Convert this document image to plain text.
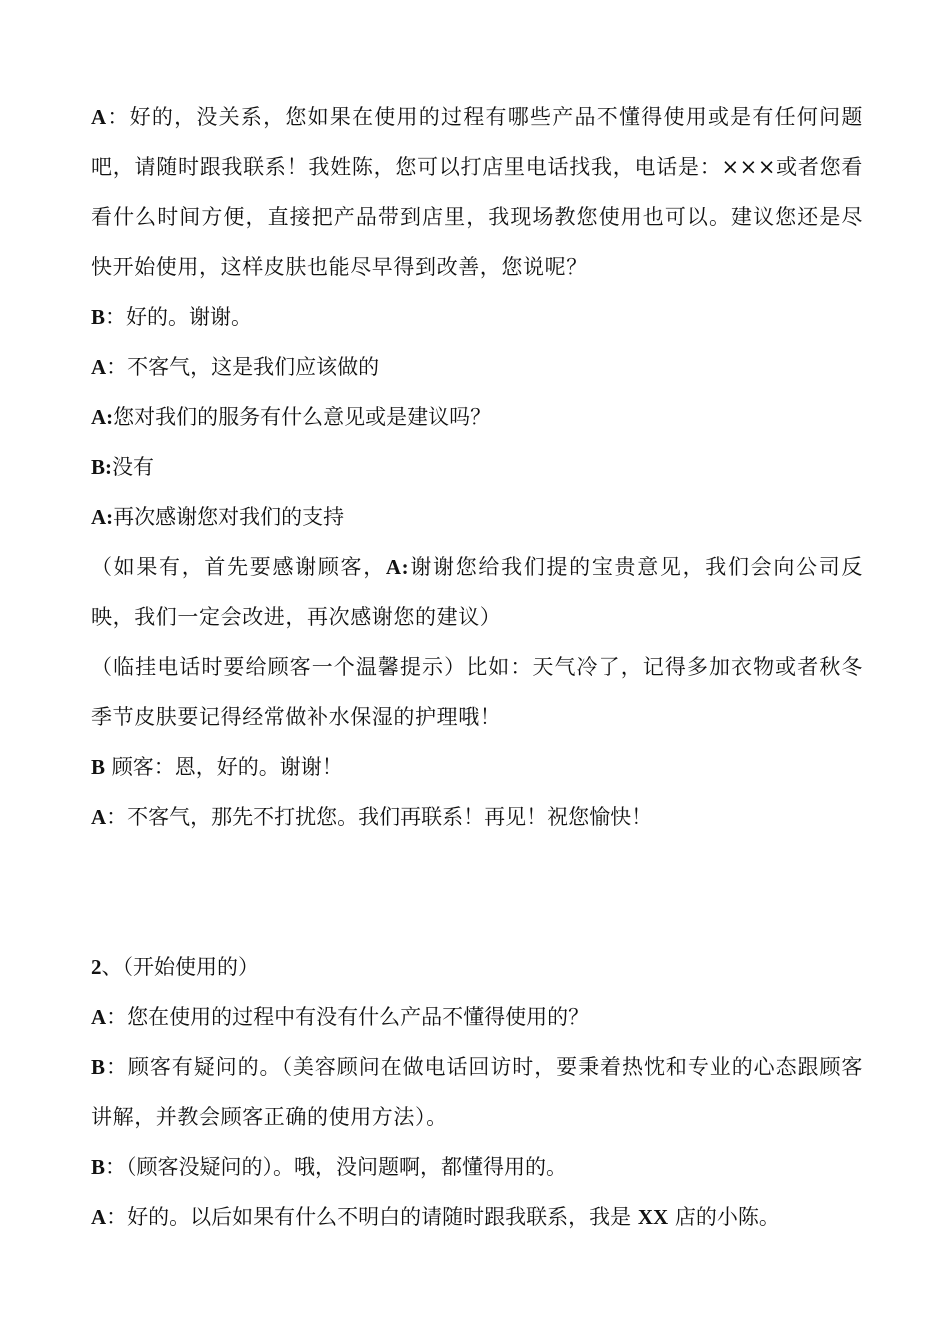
A：好的，没关系，您如果在使用的过程有哪些产品不懂得使用或是有任何问题吧，请随时跟我联系！我姓陈，您可以打店里电话找我，电话是：×××或者您看看什么时间方便，直接把产品带到店里，我现场教您使用也可以。建议您还是尽快开始使用，这样皮肤也能尽早得到改善，您说呢？
B：好的。谢谢。
A：不客气，这是我们应该做的
A:您对我们的服务有什么意见或是建议吗？
B:没有
A:再次感谢您对我们的支持
（如果有，首先要感谢顾客，A:谢谢您给我们提的宝贵意见，我们会向公司反映，我们一定会改进，再次感谢您的建议）
（临挂电话时要给顾客一个温馨提示）比如：天气冷了，记得多加衣物或者秋冬季节皮肤要记得经常做补水保湿的护理哦！
B 顾客：恩，好的。谢谢！
A：不客气，那先不打扰您。我们再联系！再见！祝您愉快！
2、（开始使用的）
A：您在使用的过程中有没有什么产品不懂得使用的？
B：顾客有疑问的。（美容顾问在做电话回访时，要秉着热忱和专业的心态跟顾客讲解，并教会顾客正确的使用方法）。
B：（顾客没疑问的）。哦，没问题啊，都懂得用的。
A：好的。以后如果有什么不明白的请随时跟我联系，我是 XX 店的小陈。
